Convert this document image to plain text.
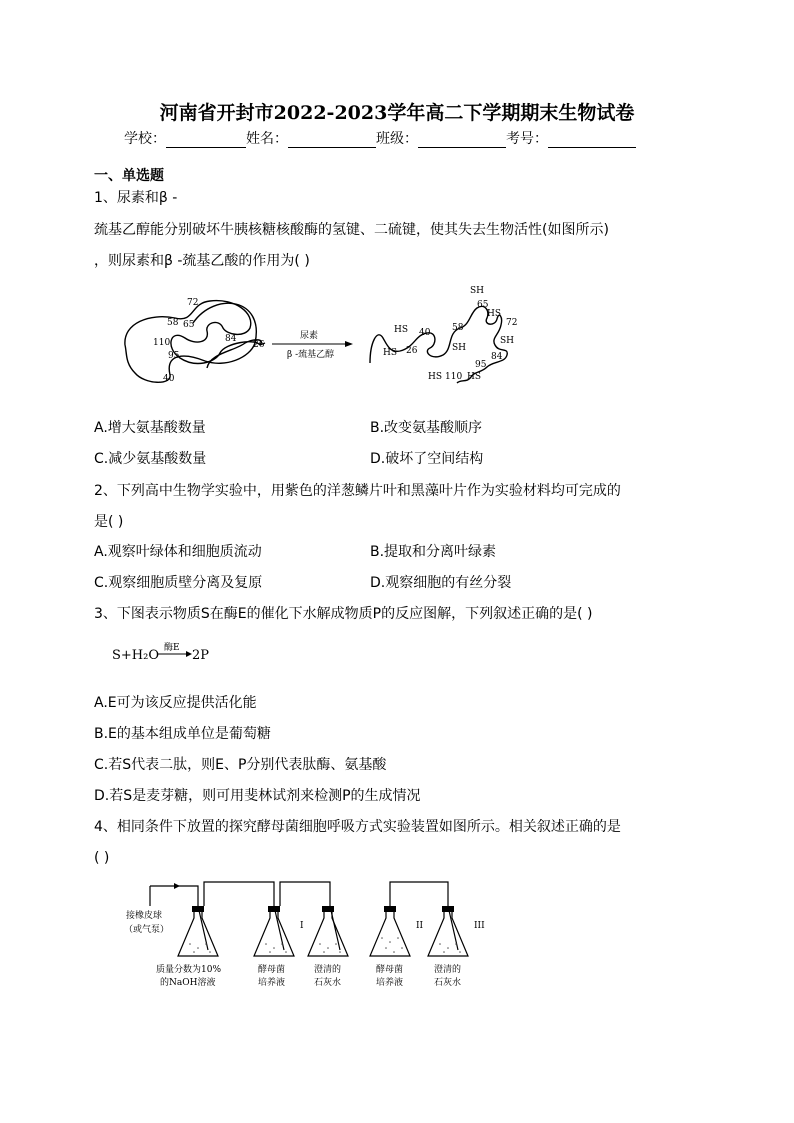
河南省开封市2022-2023学年高二下学期期末生物试卷
学校：	姓名：	班级：	考号：
一、单选题
1、尿素和β -
巯基乙醇能分别破坏牛胰核糖核酸酶的氢键、二硫键，使其失去生物活性(如图所示)
，则尿素和β -巯基乙酸的作用为( )
72
58 65
110	84
26
95
40
尿素
β -巯基乙醇
SH
65
HS
72
HS 40 58
SH
HS 26
SH
84
95
HS 110 HS
A.增大氨基酸数量	B.改变氨基酸顺序
C.减少氨基酸数量	D.破坏了空间结构
2、下列高中生物学实验中，用紫色的洋葱鳞片叶和黑藻叶片作为实验材料均可完成的
是( )
A.观察叶绿体和细胞质流动	B.提取和分离叶绿素
C.观察细胞质壁分离及复原	D.观察细胞的有丝分裂
3、下图表示物质S在酶E的催化下水解成物质P的反应图解，下列叙述正确的是( )
S+H₂O 酶E 2P
A.E可为该反应提供活化能
B.E的基本组成单位是葡萄糖
C.若S代表二肽，则E、P分别代表肽酶、氨基酸
D.若S是麦芽糖，则可用斐林试剂来检测P的生成情况
4、相同条件下放置的探究酵母菌细胞呼吸方式实验装置如图所示。相关叙述正确的是
( )
接橡皮球
（或气泵）	I	II	III
质量分数为10%
的NaOH溶液
酵母菌
培养液
澄清的
石灰水
酵母菌
培养液
澄清的
石灰水
